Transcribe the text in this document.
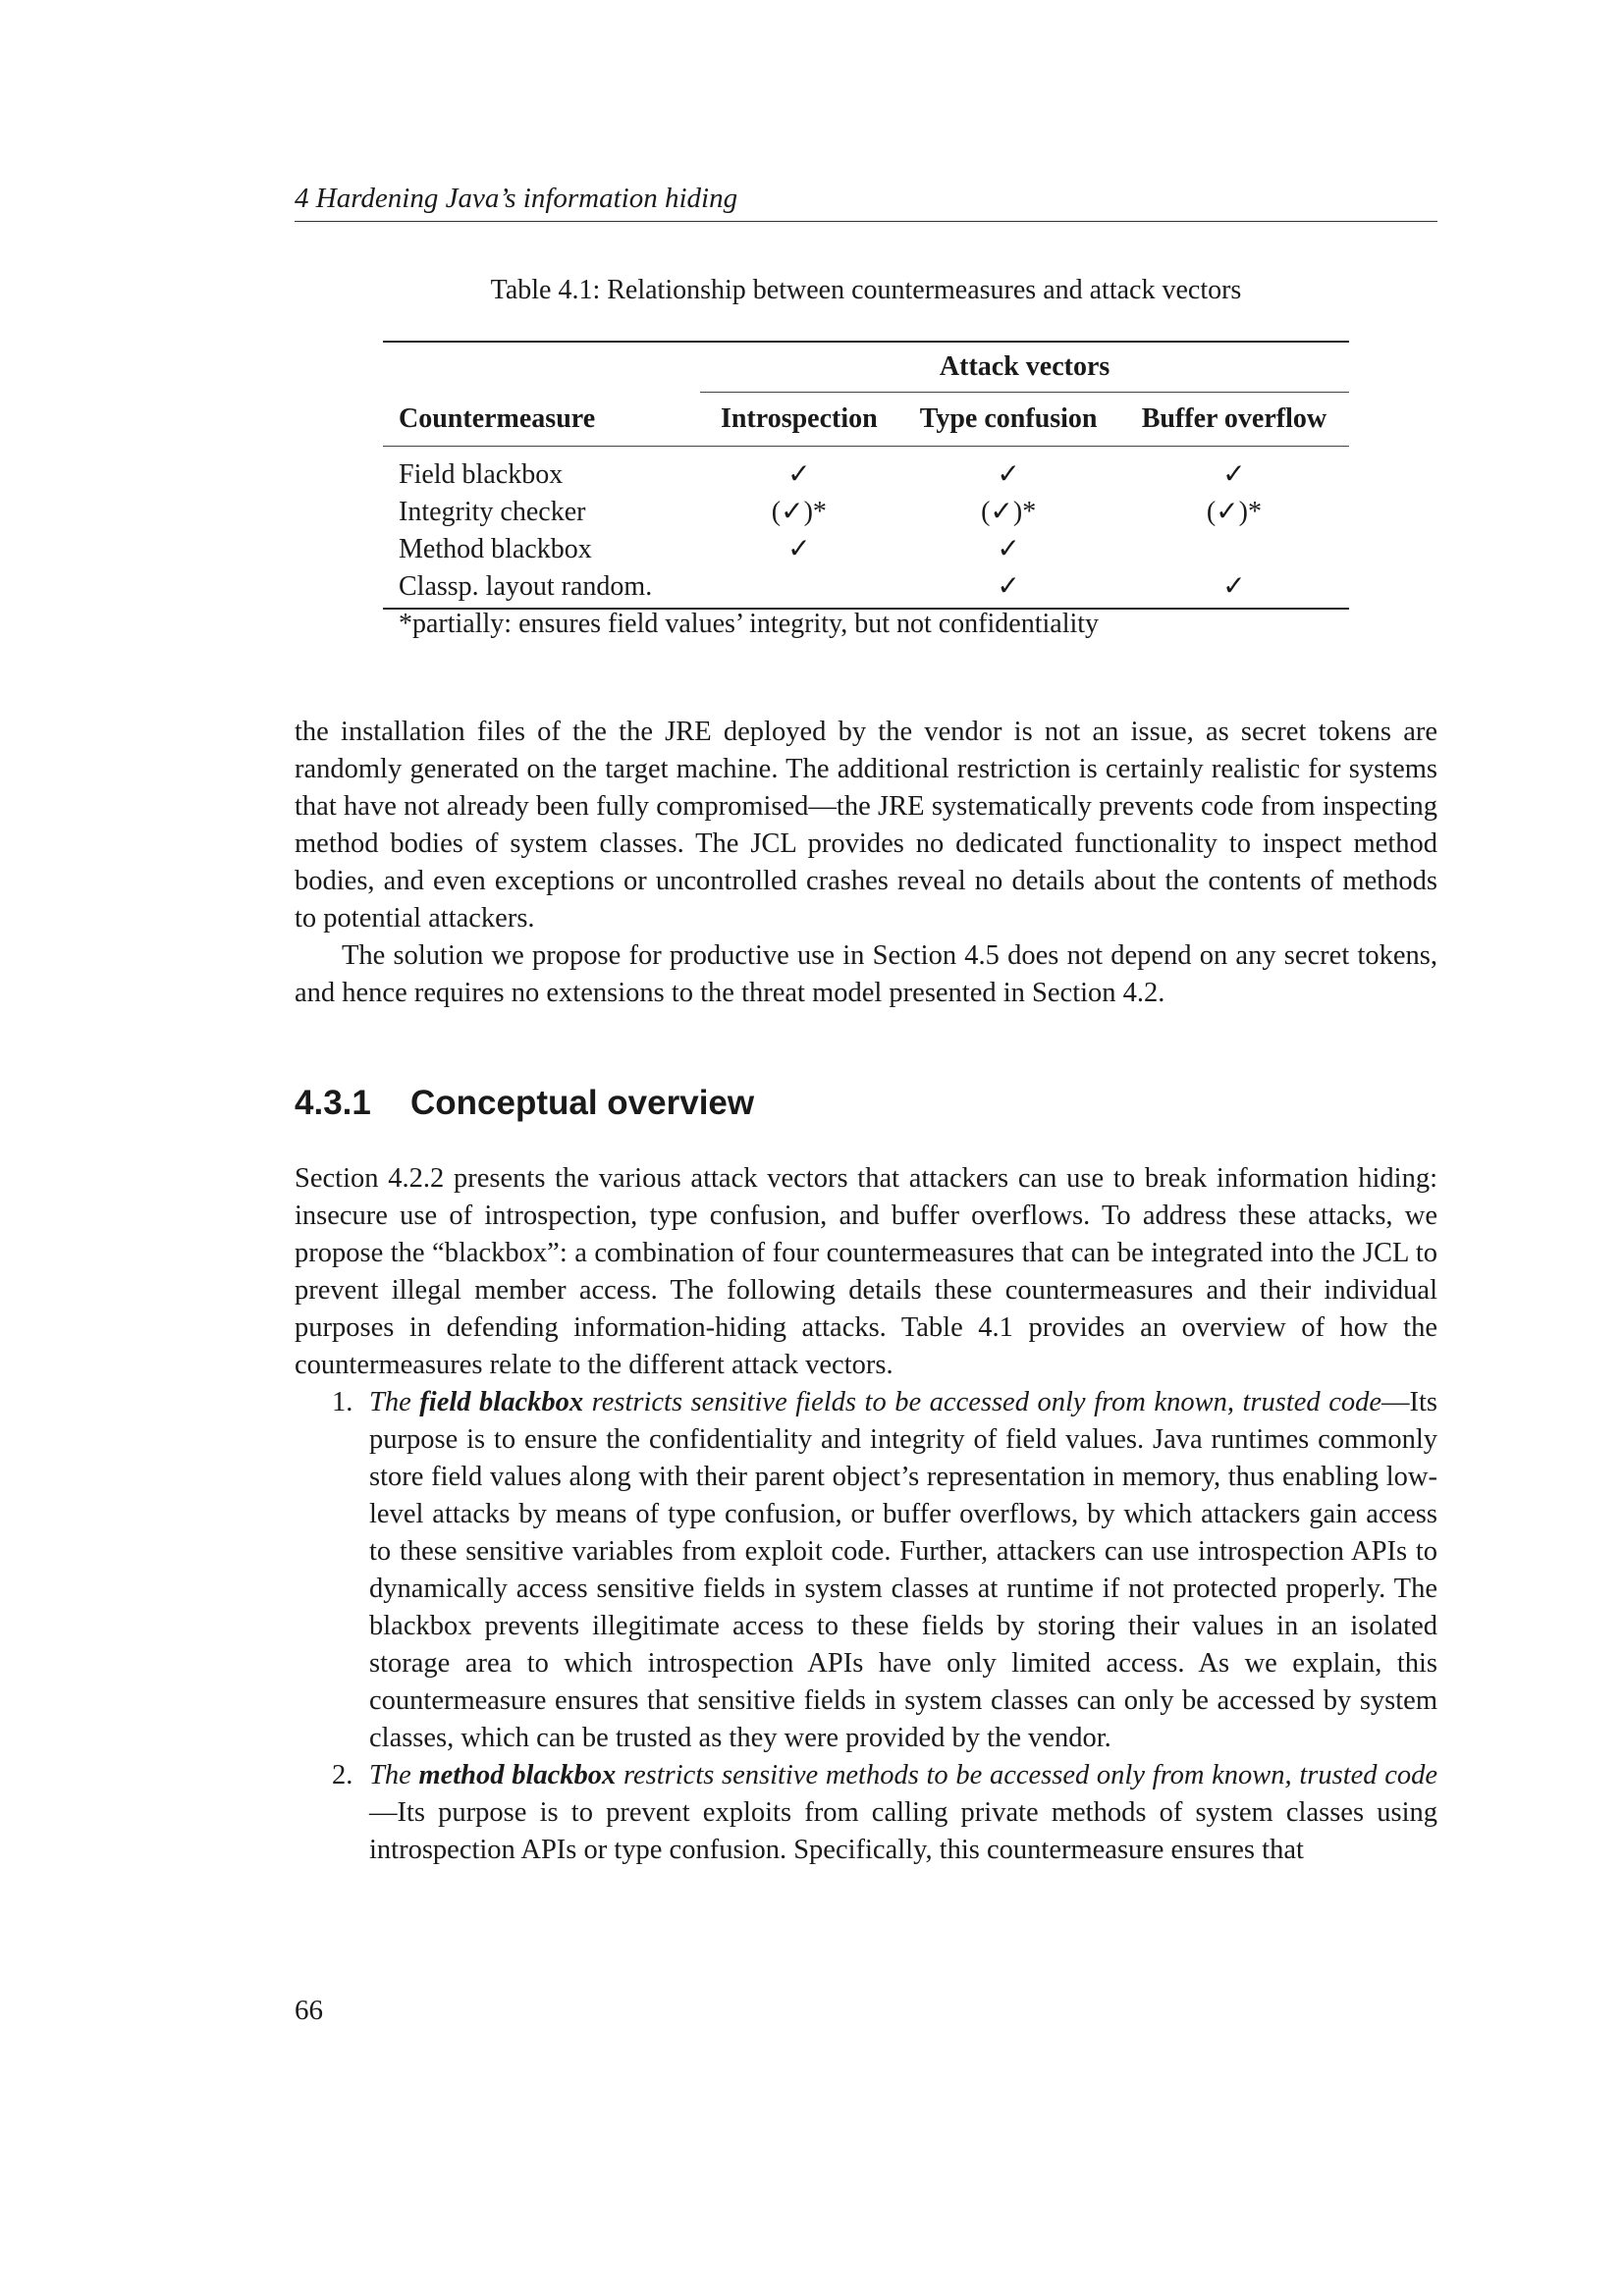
4 Hardening Java’s information hiding
Table 4.1: Relationship between countermeasures and attack vectors
	Attack vectors		
Countermeasure	Introspection	Type confusion	Buffer overflow
Field blackbox	✓	✓	✓
Integrity checker	(✓)*	(✓)*	(✓)*
Method blackbox	✓	✓	
Classp. layout random.		✓	✓
*partially: ensures field values’ integrity, but not confidentiality

the installation files of the the JRE deployed by the vendor is not an issue, as secret tokens are randomly generated on the target machine. The additional restriction is certainly realistic for systems that have not already been fully compromised—the JRE systematically prevents code from inspecting method bodies of system classes. The JCL provides no dedicated functionality to inspect method bodies, and even exceptions or uncontrolled crashes reveal no details about the contents of methods to potential attackers.

The solution we propose for productive use in Section 4.5 does not depend on any secret tokens, and hence requires no extensions to the threat model presented in Section 4.2.

4.3.1 Conceptual overview

Section 4.2.2 presents the various attack vectors that attackers can use to break information hiding: insecure use of introspection, type confusion, and buffer overflows. To address these attacks, we propose the “blackbox”: a combination of four countermeasures that can be integrated into the JCL to prevent illegal member access. The following details these countermeasures and their individual purposes in defending information-hiding attacks. Table 4.1 provides an overview of how the countermeasures relate to the different attack vectors.

1. The field blackbox restricts sensitive fields to be accessed only from known, trusted code—Its purpose is to ensure the confidentiality and integrity of field values. Java runtimes commonly store field values along with their parent object’s representation in memory, thus enabling low-level attacks by means of type confusion, or buffer overflows, by which attackers gain access to these sensitive variables from exploit code. Further, attackers can use introspection APIs to dynamically access sensitive fields in system classes at runtime if not protected properly. The blackbox prevents illegitimate access to these fields by storing their values in an isolated storage area to which introspection APIs have only limited access. As we explain, this countermeasure ensures that sensitive fields in system classes can only be accessed by system classes, which can be trusted as they were provided by the vendor.
2. The method blackbox restricts sensitive methods to be accessed only from known, trusted code—Its purpose is to prevent exploits from calling private methods of system classes using introspection APIs or type confusion. Specifically, this countermeasure ensures that
66
